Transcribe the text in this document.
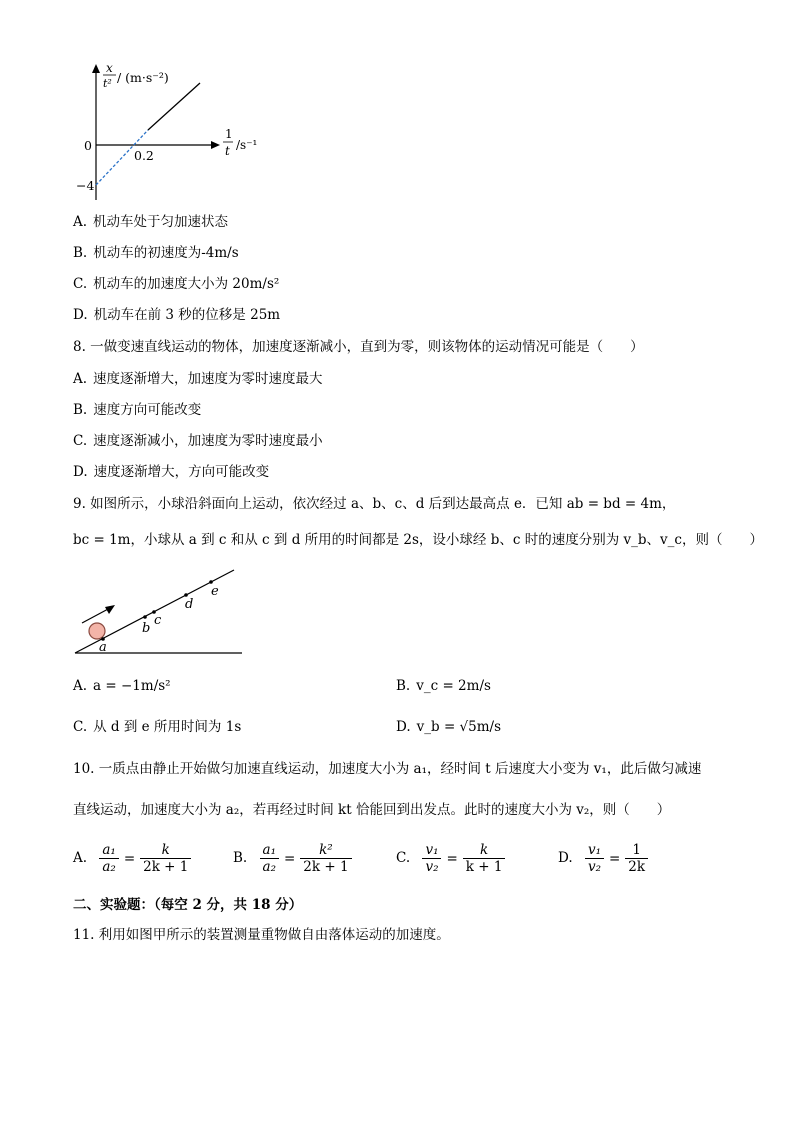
x
t² / (m·s⁻²)
1
t /s⁻¹
0
0.2
−4
A. 机动车处于匀加速状态
B. 机动车的初速度为-4m/s
C. 机动车的加速度大小为 20m/s²
D. 机动车在前 3 秒的位移是 25m
8. 一做变速直线运动的物体，加速度逐渐减小，直到为零，则该物体的运动情况可能是（　　）
A. 速度逐渐增大，加速度为零时速度最大
B. 速度方向可能改变
C. 速度逐渐减小，加速度为零时速度最小
D. 速度逐渐增大，方向可能改变
9. 如图所示，小球沿斜面向上运动，依次经过 a、b、c、d 后到达最高点 e．已知 ab = bd = 4m，
bc = 1m，小球从 a 到 c 和从 c 到 d 所用的时间都是 2s，设小球经 b、c 时的速度分别为 v_b、v_c，则（　　）
a
b
c
d
e
A. a = −1m/s²	B. v_c = 2m/s
C. 从 d 到 e 所用时间为 1s	D. v_b = √5m/s
10. 一质点由静止开始做匀加速直线运动，加速度大小为 a₁，经时间 t 后速度大小变为 v₁，此后做匀减速
直线运动，加速度大小为 a₂，若再经过时间 kt 恰能回到出发点。此时的速度大小为 v₂，则（　　）
A. $\frac{\text{a₁}}{\text{a₂}} = \frac{k}{2k + 1}$	B. $\frac{\text{a₁}}{\text{a₂}} = \frac{\text{k²}}{2k + 1}$	C. $\frac{\text{v₁}}{\text{v₂}} = \frac{k}{k + 1}$	D. $\frac{\text{v₁}}{\text{v₂}} = \frac{1}{2k}$
二、实验题：（每空 2 分，共 18 分）
11. 利用如图甲所示的装置测量重物做自由落体运动的加速度。
